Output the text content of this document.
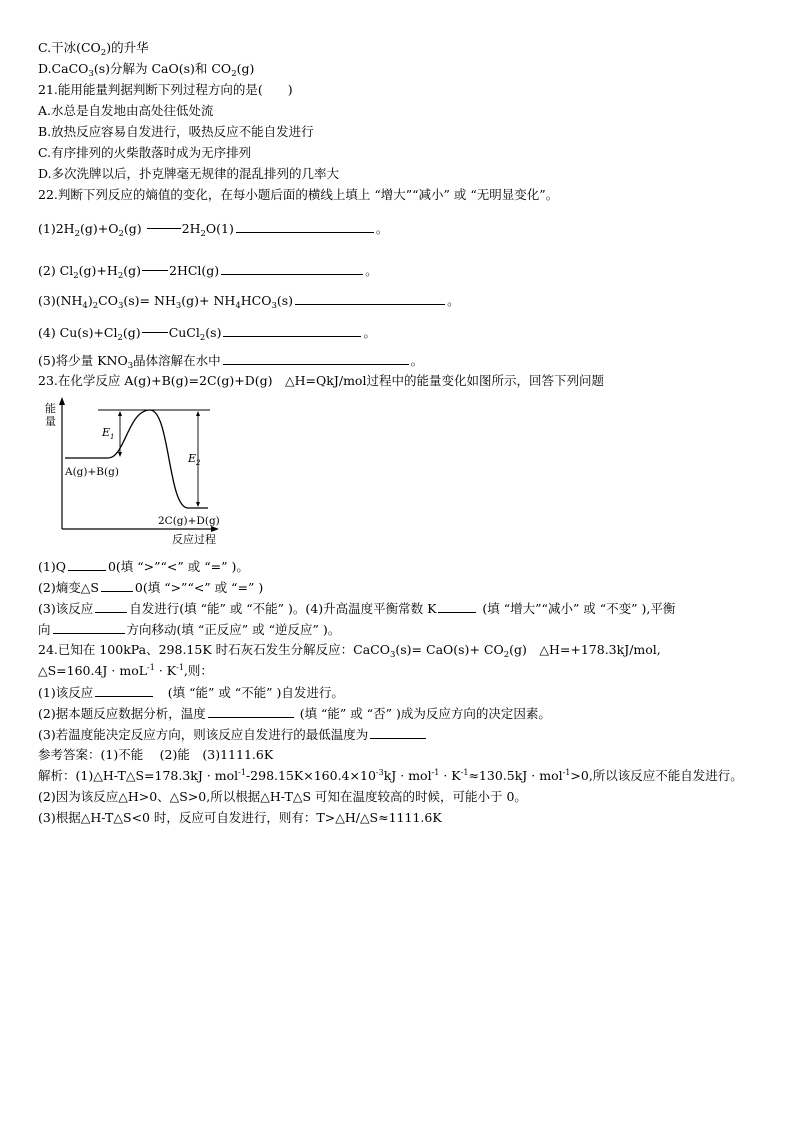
C.干冰$(CO_2)$的升华
D.CaCO$_3$(s)分解为 CaO(s)和 $CO_2(g)$
21.能用能量判据判断下列过程方向的是(　　)
A.水总是自发地由高处往低处流
B.放热反应容易自发进行，吸热反应不能自发进行
C.有序排列的火柴散落时成为无序排列
D.多次洗牌以后，扑克牌毫无规律的混乱排列的几率大
22.判断下列反应的熵值的变化，在每小题后面的横线上填上 “增大”“减小” 或 “无明显变化”。
$(1)2H_2(g)+O_2(g)$	$2H_2O(1)$	。
(2) $Cl_2(g)+H_2(g)$ 2HCl(g)	。
$(3)(NH_4)_2CO_3(s)= NH_3(g)+ NH_4HCO_3(s)$	。
(4) $Cu(s)+Cl_2(g)$ CuCl$_2$(s)	。
(5)将少量 $KNO_3$晶体溶解在水中	。
23.在化学反应 A(g)+B(g)=2C(g)+D(g)　△H=QkJ/mol过程中的能量变化如图所示，回答下列问题
能
量
$E_1$
$E_2$
A(g)+B(g)
2C(g)+D(g)
反应过程
(1)Q	0(填 “>”“<” 或 “=” )。
(2)熵变△S	0(填 “>”“<” 或 “=” )
(3)该反应	自发进行(填 “能” 或 “不能” )。(4)升高温度平衡常数 K	(填 “增大”“减小” 或 “不变” ),平衡
向	方向移动(填 “正反应” 或 “逆反应” )。
24.已知在 100kPa、298.15K 时石灰石发生分解反应：CaCO$_3$(s)= $CaO(s)+ CO_2(g)$　△H=+178.3kJ/mol,
△S=160.4J · $moL^{-1} \cdot K^{-1}$,则：
(1)该反应	　(填 “能” 或 “不能” )自发进行。
(2)据本题反应数据分析，温度	(填 “能” 或 “否” )成为反应方向的决定因素。
(3)若温度能决定反应方向，则该反应自发进行的最低温度为
参考答案：(1)不能　 (2)能　(3)1111.6K
解析：(1)△H-T△S=178.3kJ · $mol^{-1}-298.15K\times 160.4\times 10^{-3}kJ \cdot mol^{-1} \cdot K^{-1}\approx 130.5kJ \cdot mol^{-1}>0$,所以该反应不能自发进行。
(2)因为该反应△H>0、△S>0,所以根据△H-T△S 可知在温度较高的时候，可能小于 0。
(3)根据△H-T△S<0 时，反应可自发进行，则有：T>△H/△S≈1111.6K
